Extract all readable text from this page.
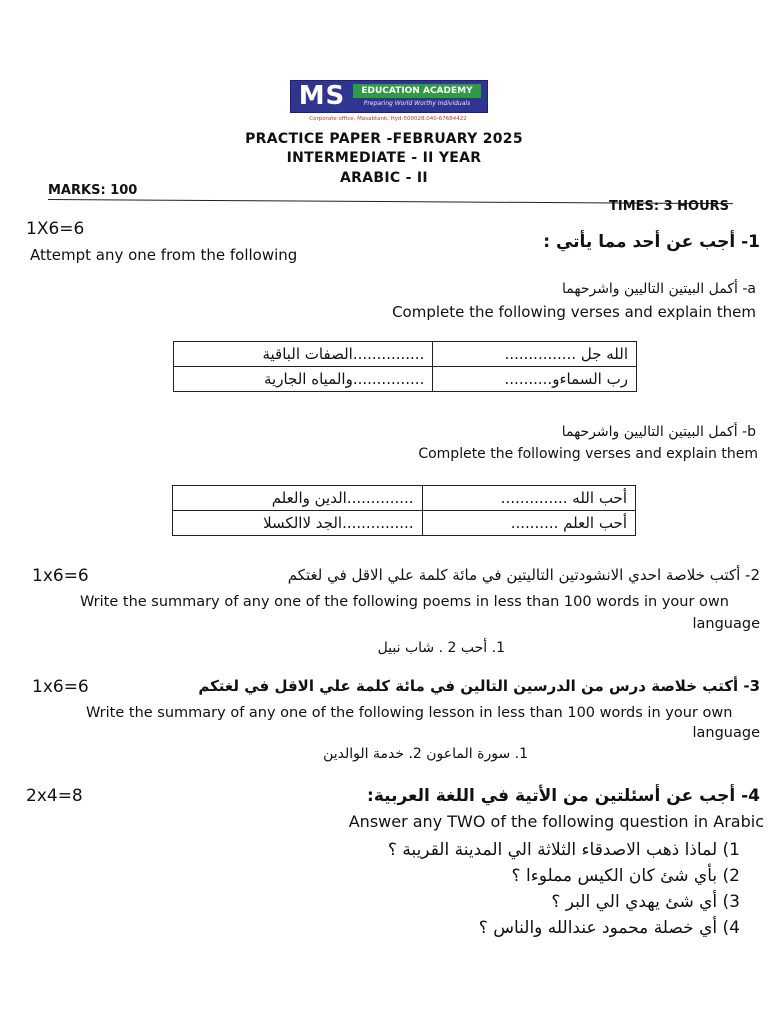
MS	EDUCATION ACADEMY
Preparing World Worthy Individuals
Corporate office, Masabtank, Hyd-500028.040-67684422
PRACTICE PAPER -FEBRUARY 2025
INTERMEDIATE - II YEAR
ARABIC - II
MARKS: 100
TIMES: 3 HOURS
1X6=6
1- أجب عن أحد مما يأتي :
Attempt any one from the following
a- أكمل البيتين التاليين واشرحهما
Complete the following verses and explain them
الله جل ...............	...............الصفات الباقية
رب السماءو..........	...............والمياه الجارية
b- أكمل البيتين التاليين واشرحهما
Complete the following verses and explain them
أحب الله ..............	..............الدين والعلم
أحب العلم ..........	...............الجد لاالكسلا
1x6=6	2- أكتب خلاصة احدي الانشودتين التاليتين في مائة كلمة علي الاقل في لغتكم
Write the summary of any one of the following poems in less than 100 words in your own
language
1. أحب 2 . شاب نبيل
1x6=6	3- أكتب خلاصة درس من الدرسين التالين في مائة كلمة علي الاقل في لغتكم
Write the summary of any one of the following lesson in less than 100 words in your own
language
1. سورة الماعون 2. خدمة الوالدين
2x4=8	4- أجب عن أسئلتين من الأتية في اللغة العربية:
Answer any TWO of the following question in Arabic
1) لماذا ذهب الاصدقاء الثلاثة الي المدينة القريبة ؟
2) بأي شئ كان الكيس مملوءا ؟
3) أي شئ يهدي الي البر ؟
4) أي خصلة محمود عندالله والناس ؟
